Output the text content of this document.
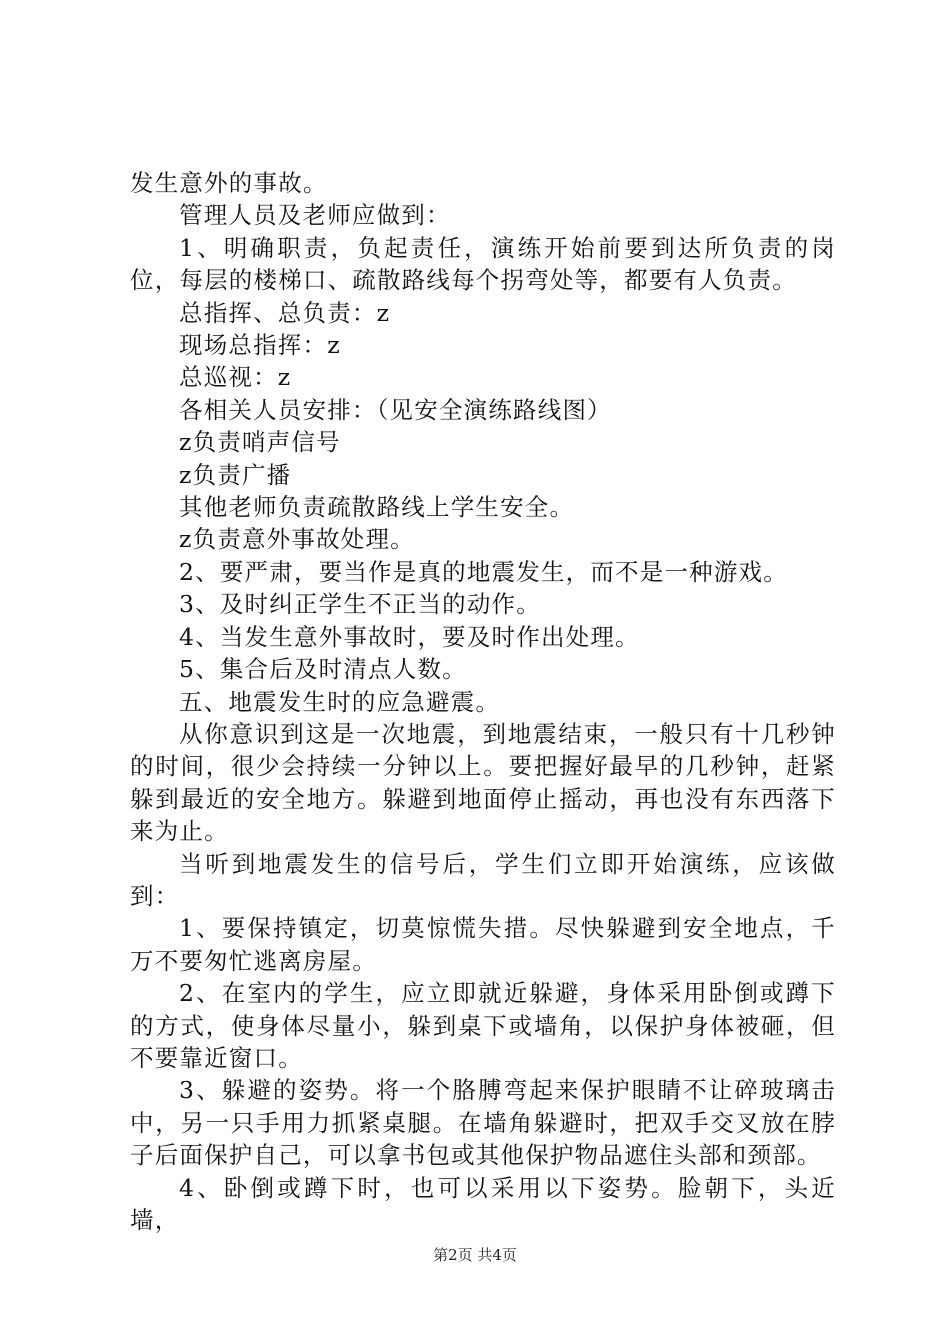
发生意外的事故。

管理人员及老师应做到：

1、明确职责，负起责任，演练开始前要到达所负责的岗位，每层的楼梯口、疏散路线每个拐弯处等，都要有人负责。

总指挥、总负责：z

现场总指挥：z

总巡视：z

各相关人员安排：（见安全演练路线图）

z负责哨声信号

z负责广播

其他老师负责疏散路线上学生安全。

z负责意外事故处理。

2、要严肃，要当作是真的地震发生，而不是一种游戏。

3、及时纠正学生不正当的动作。

4、当发生意外事故时，要及时作出处理。

5、集合后及时清点人数。

五、地震发生时的应急避震。

从你意识到这是一次地震，到地震结束，一般只有十几秒钟的时间，很少会持续一分钟以上。要把握好最早的几秒钟，赶紧躲到最近的安全地方。躲避到地面停止摇动，再也没有东西落下来为止。

当听到地震发生的信号后，学生们立即开始演练，应该做到：

1、要保持镇定，切莫惊慌失措。尽快躲避到安全地点，千万不要匆忙逃离房屋。

2、在室内的学生，应立即就近躲避，身体采用卧倒或蹲下的方式，使身体尽量小，躲到桌下或墙角，以保护身体被砸，但不要靠近窗口。

3、躲避的姿势。将一个胳膊弯起来保护眼睛不让碎玻璃击中，另一只手用力抓紧桌腿。在墙角躲避时，把双手交叉放在脖子后面保护自己，可以拿书包或其他保护物品遮住头部和颈部。

4、卧倒或蹲下时，也可以采用以下姿势。脸朝下，头近墙，

第2页 共4页
